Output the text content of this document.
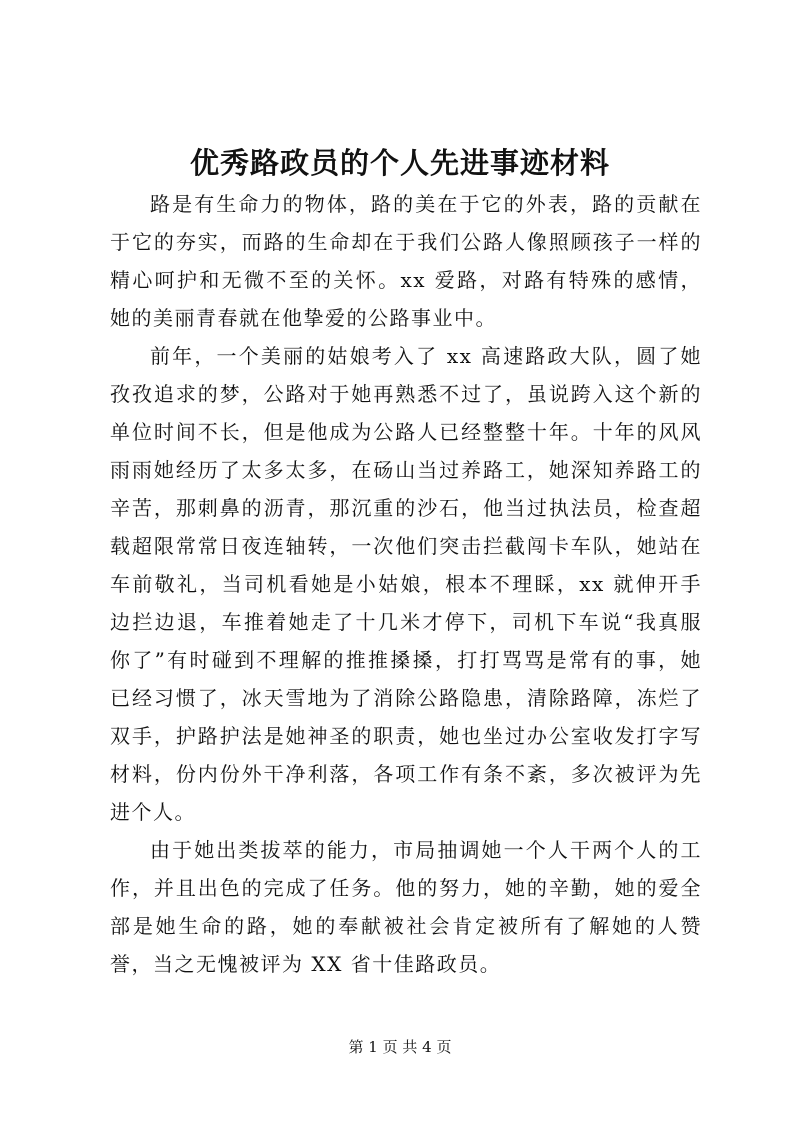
优秀路政员的个人先进事迹材料

路是有生命力的物体，路的美在于它的外表，路的贡献在于它的夯实，而路的生命却在于我们公路人像照顾孩子一样的精心呵护和无微不至的关怀。xx 爱路，对路有特殊的感情，她的美丽青春就在他挚爱的公路事业中。

前年，一个美丽的姑娘考入了 xx 高速路政大队，圆了她孜孜追求的梦，公路对于她再熟悉不过了，虽说跨入这个新的单位时间不长，但是他成为公路人已经整整十年。十年的风风雨雨她经历了太多太多，在砀山当过养路工，她深知养路工的辛苦，那刺鼻的沥青，那沉重的沙石，他当过执法员，检查超载超限常常日夜连轴转，一次他们突击拦截闯卡车队，她站在车前敬礼，当司机看她是小姑娘，根本不理睬，xx 就伸开手边拦边退，车推着她走了十几米才停下，司机下车说“我真服你了”有时碰到不理解的推推搡搡，打打骂骂是常有的事，她已经习惯了，冰天雪地为了消除公路隐患，清除路障，冻烂了双手，护路护法是她神圣的职责，她也坐过办公室收发打字写材料，份内份外干净利落，各项工作有条不紊，多次被评为先进个人。

由于她出类拔萃的能力，市局抽调她一个人干两个人的工作，并且出色的完成了任务。他的努力，她的辛勤，她的爱全部是她生命的路，她的奉献被社会肯定被所有了解她的人赞誉，当之无愧被评为 XX 省十佳路政员。

第 1 页 共 4 页
